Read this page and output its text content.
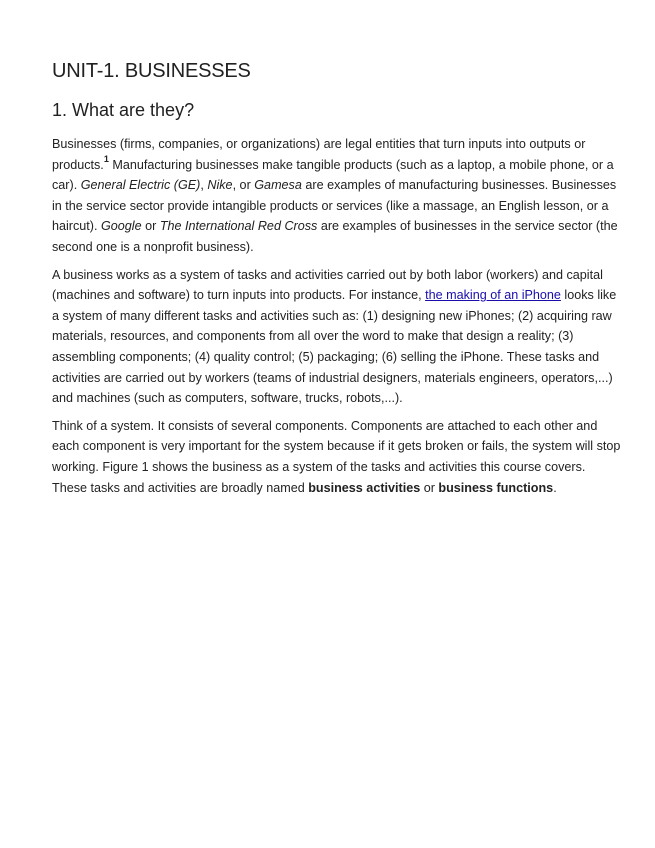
UNIT-1. BUSINESSES
1. What are they?

Businesses (firms, companies, or organizations) are legal entities that turn inputs into outputs or products.$^1$ Manufacturing businesses make tangible products (such as a laptop, a mobile phone, or a car). General Electric (GE), Nike, or Gamesa are examples of manufacturing businesses. Businesses in the service sector provide intangible products or services (like a massage, an English lesson, or a haircut). Google or The International Red Cross are examples of businesses in the service sector (the second one is a nonprofit business).

A business works as a system of tasks and activities carried out by both labor (workers) and capital (machines and software) to turn inputs into products. For instance, the making of an iPhone looks like a system of many different tasks and activities such as: (1) designing new iPhones; (2) acquiring raw materials, resources, and components from all over the word to make that design a reality; (3) assembling components; (4) quality control; (5) packaging; (6) selling the iPhone. These tasks and activities are carried out by workers (teams of industrial designers, materials engineers, operators,...) and machines (such as computers, software, trucks, robots,...).

Think of a system. It consists of several components. Components are attached to each other and each component is very important for the system because if it gets broken or fails, the system will stop working. Figure 1 shows the business as a system of the tasks and activities this course covers. These tasks and activities are broadly named business activities or business functions.
